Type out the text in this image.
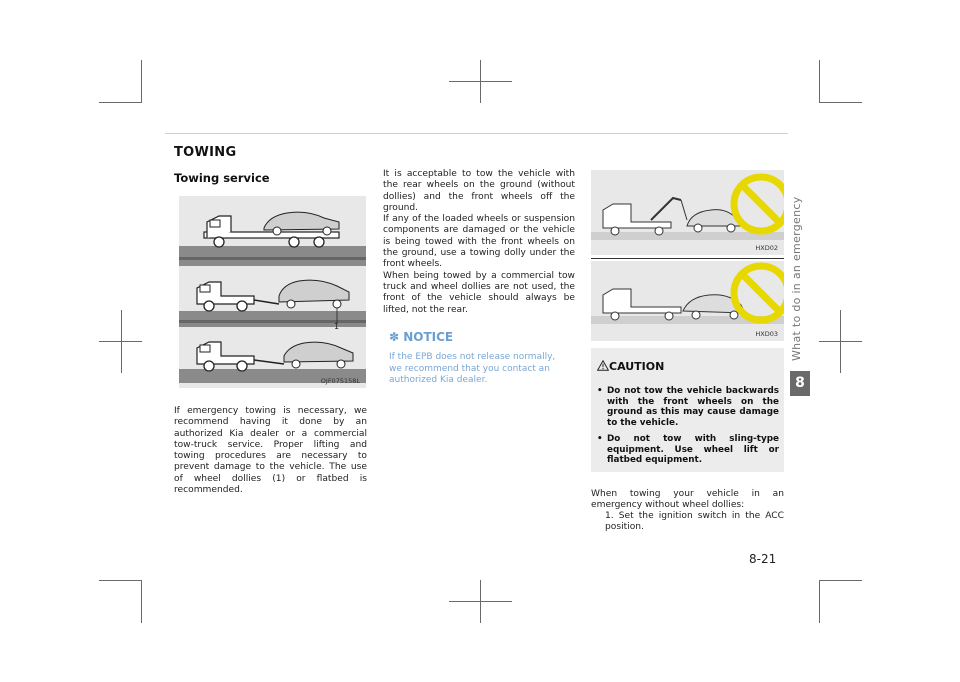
TOWING
Towing service
1
OJF075158L
If emergency towing is necessary, we recommend having it done by an authorized Kia dealer or a commercial tow-truck service. Proper lifting and towing procedures are necessary to prevent damage to the vehicle. The use of wheel dollies (1) or flatbed is recommended.
It is acceptable to tow the vehicle with the rear wheels on the ground (without dollies) and the front wheels off the ground.
If any of the loaded wheels or suspension components are damaged or the vehicle is being towed with the front wheels on the ground, use a towing dolly under the front wheels.
When being towed by a commercial tow truck and wheel dollies are not used, the front of the vehicle should always be lifted, not the rear.
✽ NOTICE
If the EPB does not release normally, we recommend that you contact an authorized Kia dealer.
HXD02
HXD03
CAUTION
• Do not tow the vehicle backwards with the front wheels on the ground as this may cause damage to the vehicle.
• Do not tow with sling-type equipment. Use wheel lift or flatbed equipment.
When towing your vehicle in an emergency without wheel dollies:
1. Set the ignition switch in the ACC position.
What to do in an emergency
8
8-21
